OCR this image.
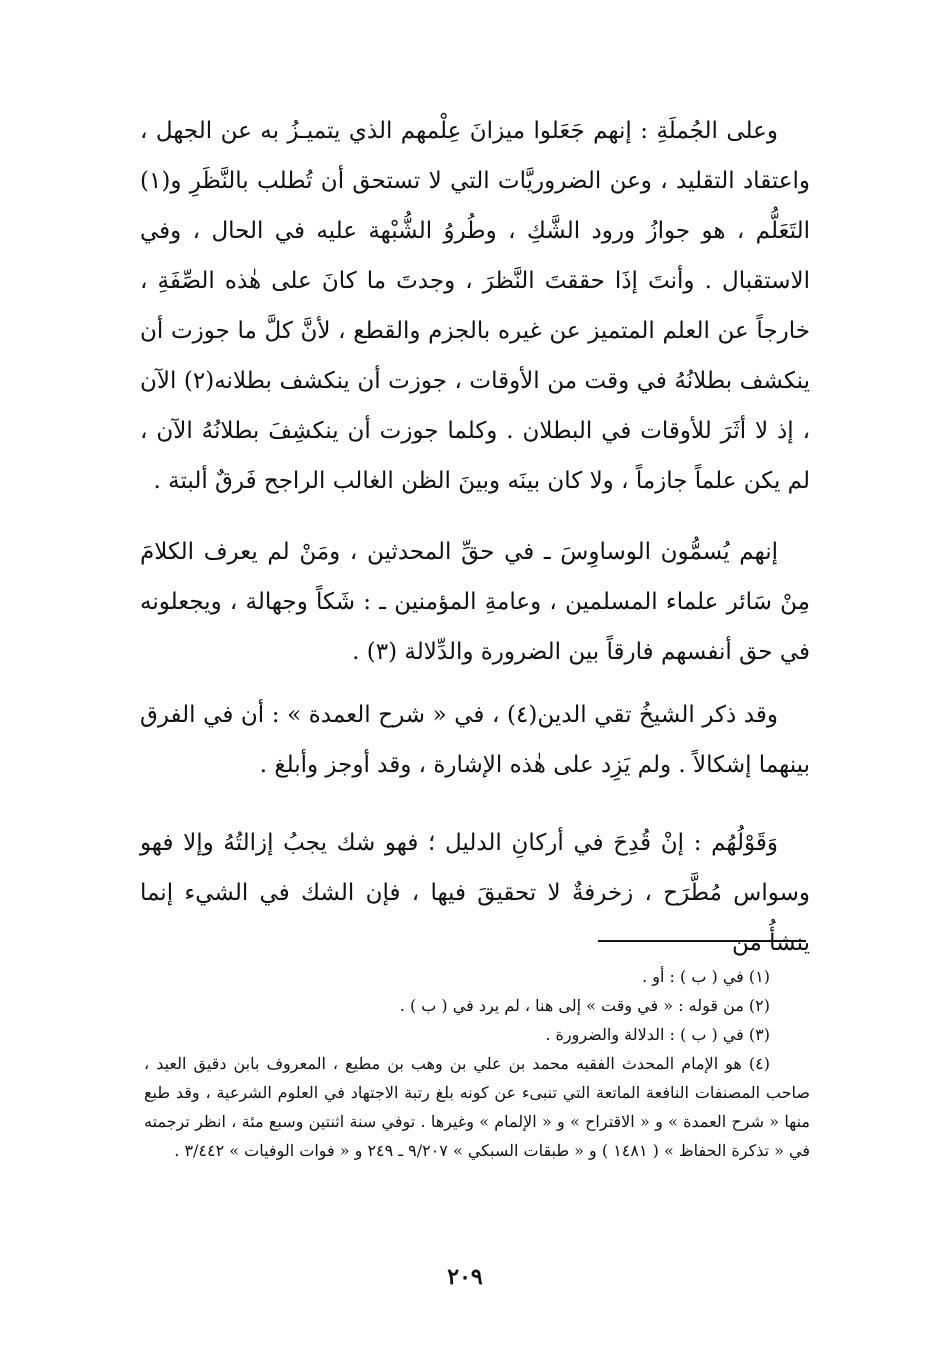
وعلى الجُملَةِ : إنهم جَعَلوا ميزانَ عِلْمهم الذي يتميـزُ به عن الجهل ، واعتقاد التقليد ، وعن الضروريَّات التي لا تستحق أن تُطلب بالنَّظَرِ و(١) التَعَلُّم ، هو جوازُ ورود الشَّكِ ، وطُروُ الشُّبْهة عليه في الحال ، وفي الاستقبال . وأنتَ إذَا حققتَ النَّظرَ ، وجدتَ ما كانَ على هٰذه الصِّفَةِ ، خارجاً عن العلم المتميز عن غيره بالجزم والقطع ، لأنَّ كلَّ ما جوزت أن ينكشف بطلانُهُ في وقت من الأوقات ، جوزت أن ينكشف بطلانه(٢) الآن ، إذ لا أثَرَ للأوقات في البطلان . وكلما جوزت أن ينكشِفَ بطلانُهُ الآن ، لم يكن علماً جازماً ، ولا كان بينَه وبينَ الظن الغالب الراجح فَرقٌ ألبتة .

إنهم يُسمُّون الوساوِسَ ـ في حقِّ المحدثين ، ومَنْ لم يعرف الكلامَ مِنْ سَائر علماء المسلمين ، وعامةِ المؤمنين ـ : شَكاً وجهالة ، ويجعلونه في حق أنفسهم فارقاً بين الضرورة والدِّلالة (٣) .

وقد ذكر الشيخُ تقي الدين(٤) ، في « شرح العمدة » : أن في الفرق بينهما إشكالاً . ولم يَزِد على هٰذه الإشارة ، وقد أوجز وأبلغ .

وَقَوْلُهُم : إنْ قُدِحَ في أركانِ الدليل ؛ فهو شك يجبُ إزالتُهُ وإلا فهو وسواس مُطَّرَح ، زخرفةٌ لا تحقيقَ فيها ، فإن الشك في الشيء إنما ينشأُ من

(١) في ( ب ) : أو .

(٢) من قوله : « في وقت » إلى هنا ، لم يرد في ( ب ) .

(٣) في ( ب ) : الدلالة والضرورة .

(٤) هو الإمام المحدث الفقيه محمد بن علي بن وهب بن مطيع ، المعروف بابن دقيق العيد ، صاحب المصنفات النافعة الماتعة التي تنبىء عن كونه بلغ رتبة الاجتهاد في العلوم الشرعية ، وقد طبع منها « شرح العمدة » و « الاقتراح » و « الإلمام » وغيرها . توفي سنة اثنتين وسبع مئة ، انظر ترجمته في « تذكرة الحفاظ » ( ١٤٨١ ) و « طبقات السبكي » ٩/٢٠٧ ـ ٢٤٩ و « فوات الوفيات » ٣/٤٤٢ .

٢٠٩
